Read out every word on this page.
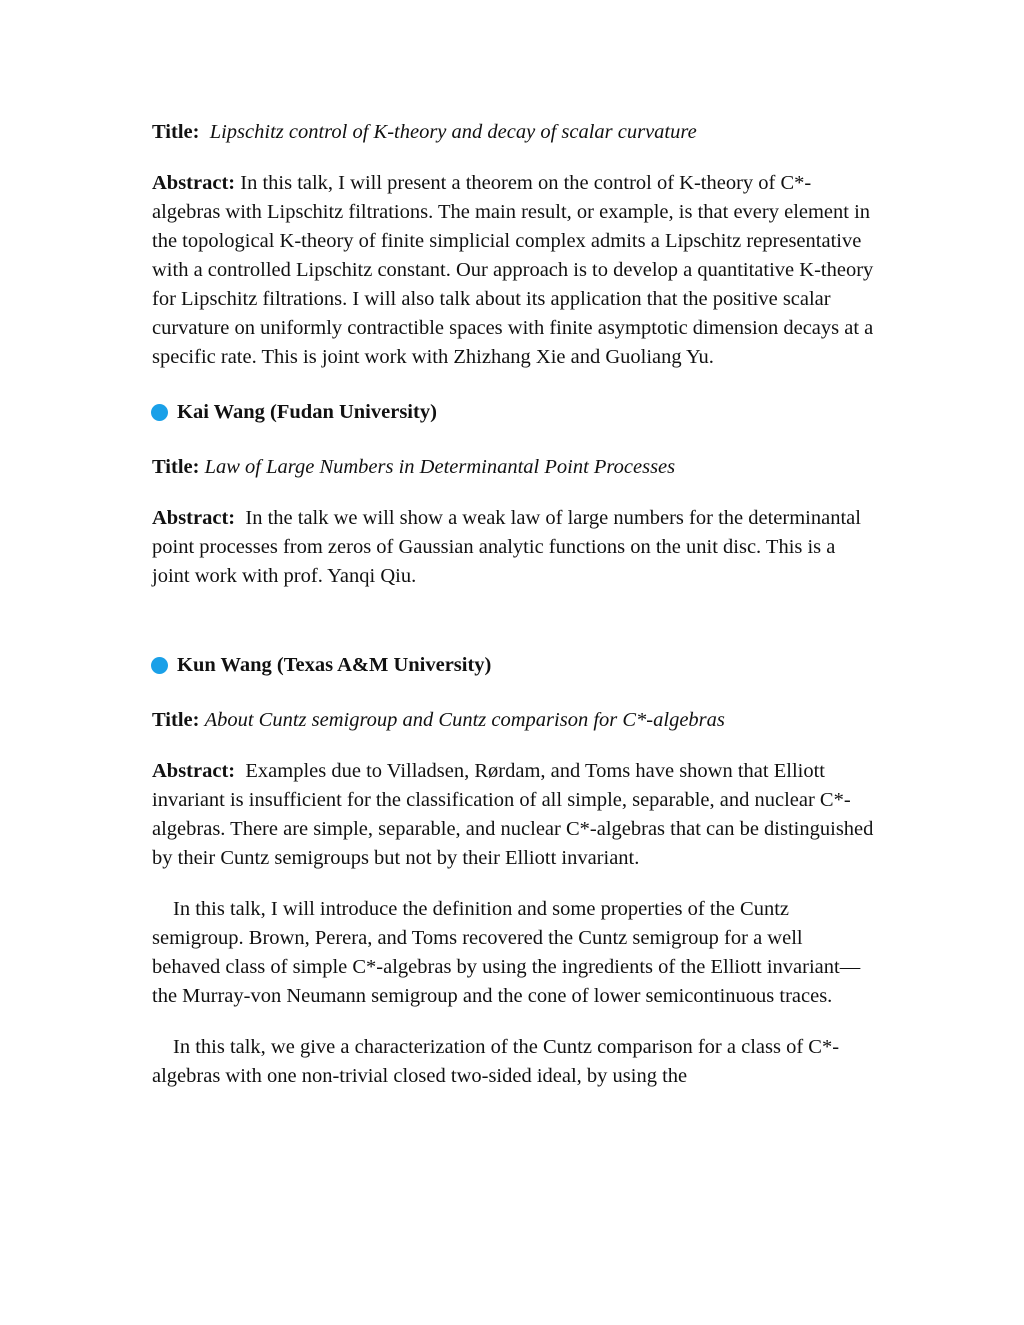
Title: Lipschitz control of K-theory and decay of scalar curvature

Abstract: In this talk, I will present a theorem on the control of K-theory of C*-algebras with Lipschitz filtrations. The main result, or example, is that every element in the topological K-theory of finite simplicial complex admits a Lipschitz representative with a controlled Lipschitz constant. Our approach is to develop a quantitative K-theory for Lipschitz filtrations. I will also talk about its application that the positive scalar curvature on uniformly contractible spaces with finite asymptotic dimension decays at a specific rate. This is joint work with Zhizhang Xie and Guoliang Yu.

Kai Wang (Fudan University)

Title: Law of Large Numbers in Determinantal Point Processes

Abstract: In the talk we will show a weak law of large numbers for the determinantal point processes from zeros of Gaussian analytic functions on the unit disc. This is a joint work with prof. Yanqi Qiu.

Kun Wang (Texas A&M University)

Title: About Cuntz semigroup and Cuntz comparison for C*-algebras

Abstract: Examples due to Villadsen, Rørdam, and Toms have shown that Elliott invariant is insufficient for the classification of all simple, separable, and nuclear C*-algebras. There are simple, separable, and nuclear C*-algebras that can be distinguished by their Cuntz semigroups but not by their Elliott invariant.

In this talk, I will introduce the definition and some properties of the Cuntz semigroup. Brown, Perera, and Toms recovered the Cuntz semigroup for a well behaved class of simple C*-algebras by using the ingredients of the Elliott invariant—the Murray-von Neumann semigroup and the cone of lower semicontinuous traces.

In this talk, we give a characterization of the Cuntz comparison for a class of C*-algebras with one non-trivial closed two-sided ideal, by using the
